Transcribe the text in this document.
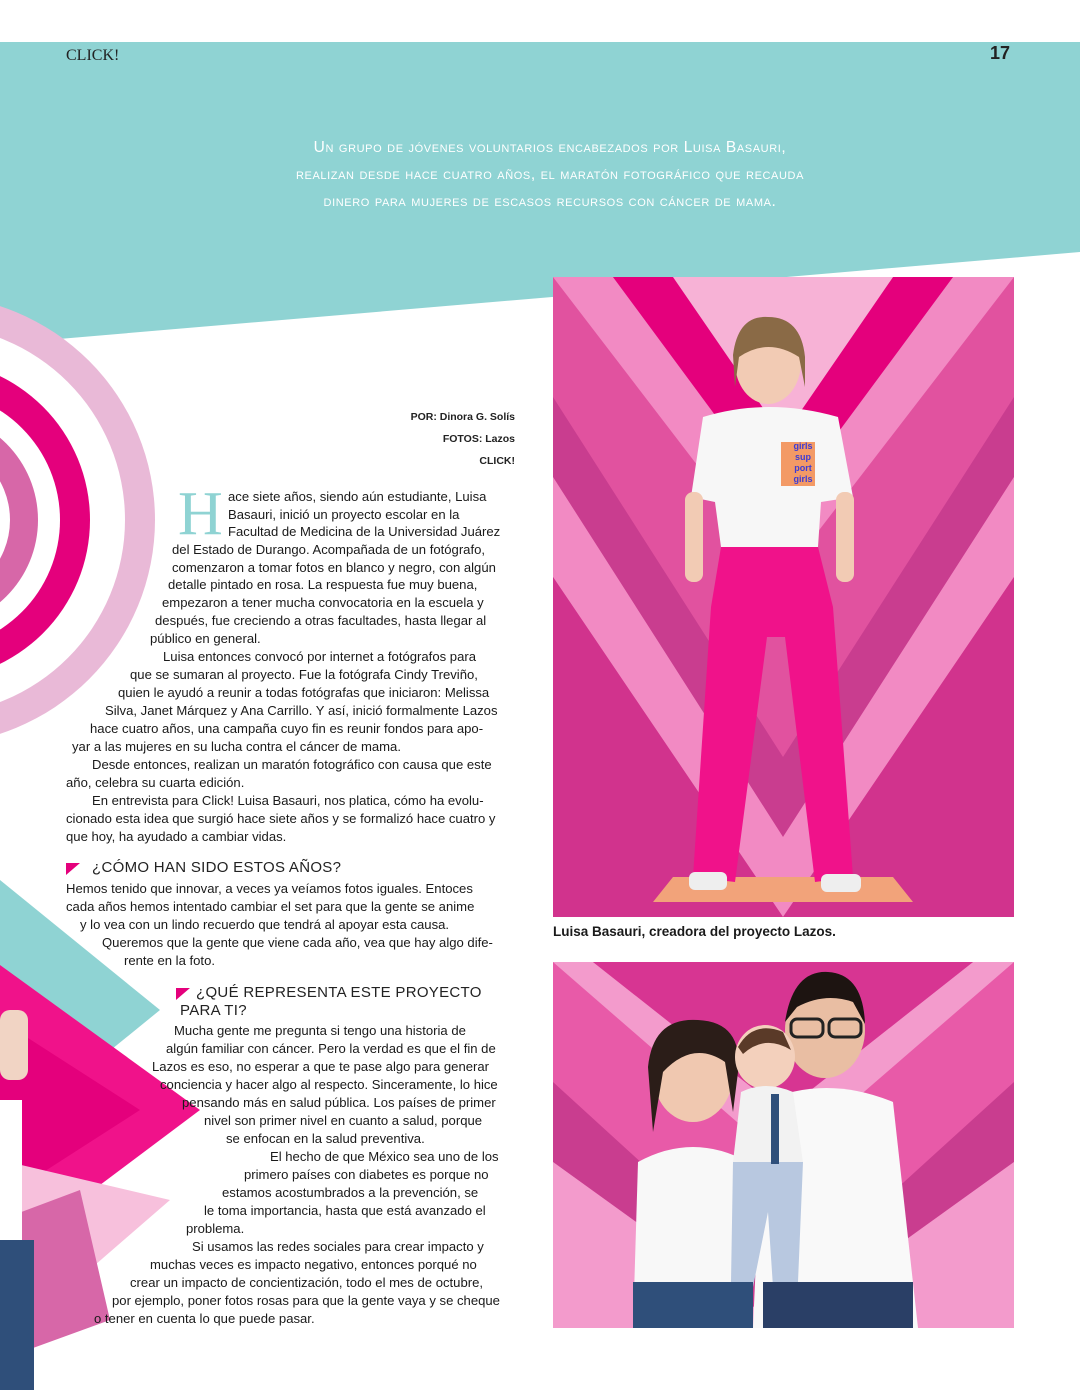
CLICK!	17
Un grupo de jóvenes voluntarios encabezados por Luisa Basauri,
realizan desde hace cuatro años, el maratón fotográfico que recauda
dinero para mujeres de escasos recursos con cáncer de mama.
POR: Dinora G. Solís
FOTOS: Lazos
CLICK!
H ace siete años, siendo aún estudiante, Luisa
Basauri, inició un proyecto escolar en la
Facultad de Medicina de la Universidad Juárez
del Estado de Durango. Acompañada de un fotógrafo,
comenzaron a tomar fotos en blanco y negro, con algún
detalle pintado en rosa. La respuesta fue muy buena,
empezaron a tener mucha convocatoria en la escuela y
después, fue creciendo a otras facultades, hasta llegar al
público en general.
Luisa entonces convocó por internet a fotógrafos para
que se sumaran al proyecto. Fue la fotógrafa Cindy Treviño,
quien le ayudó a reunir a todas fotógrafas que iniciaron: Melissa
Silva, Janet Márquez y Ana Carrillo. Y así, inició formalmente Lazos
hace cuatro años, una campaña cuyo fin es reunir fondos para apo-
yar a las mujeres en su lucha contra el cáncer de mama.
Desde entonces, realizan un maratón fotográfico con causa que este
año, celebra su cuarta edición.
En entrevista para Click! Luisa Basauri, nos platica, cómo ha evolu-
cionado esta idea que surgió hace siete años y se formalizó hace cuatro y
que hoy, ha ayudado a cambiar vidas.
¿CÓMO HAN SIDO ESTOS AÑOS?
Hemos tenido que innovar, a veces ya veíamos fotos iguales. Entoces
cada años hemos intentado cambiar el set para que la gente se anime
y lo vea con un lindo recuerdo que tendrá al apoyar esta causa.
Queremos que la gente que viene cada año, vea que hay algo dife-
rente en la foto.
¿QUÉ REPRESENTA ESTE PROYECTO
PARA TI?
Mucha gente me pregunta si tengo una historia de
algún familiar con cáncer. Pero la verdad es que el fin de
Lazos es eso, no esperar a que te pase algo para generar
conciencia y hacer algo al respecto. Sinceramente, lo hice
pensando más en salud pública. Los países de primer
nivel son primer nivel en cuanto a salud, porque
se enfocan en la salud preventiva.
El hecho de que México sea uno de los
primero países con diabetes es porque no
estamos acostumbrados a la prevención, se
le toma importancia, hasta que está avanzado el
problema.
Si usamos las redes sociales para crear impacto y
muchas veces es impacto negativo, entonces porqué no
crear un impacto de concientización, todo el mes de octubre,
por ejemplo, poner fotos rosas para que la gente vaya y se cheque
o tener en cuenta lo que puede pasar.
girls
sup
port
girls
Luisa Basauri, creadora del proyecto Lazos.
